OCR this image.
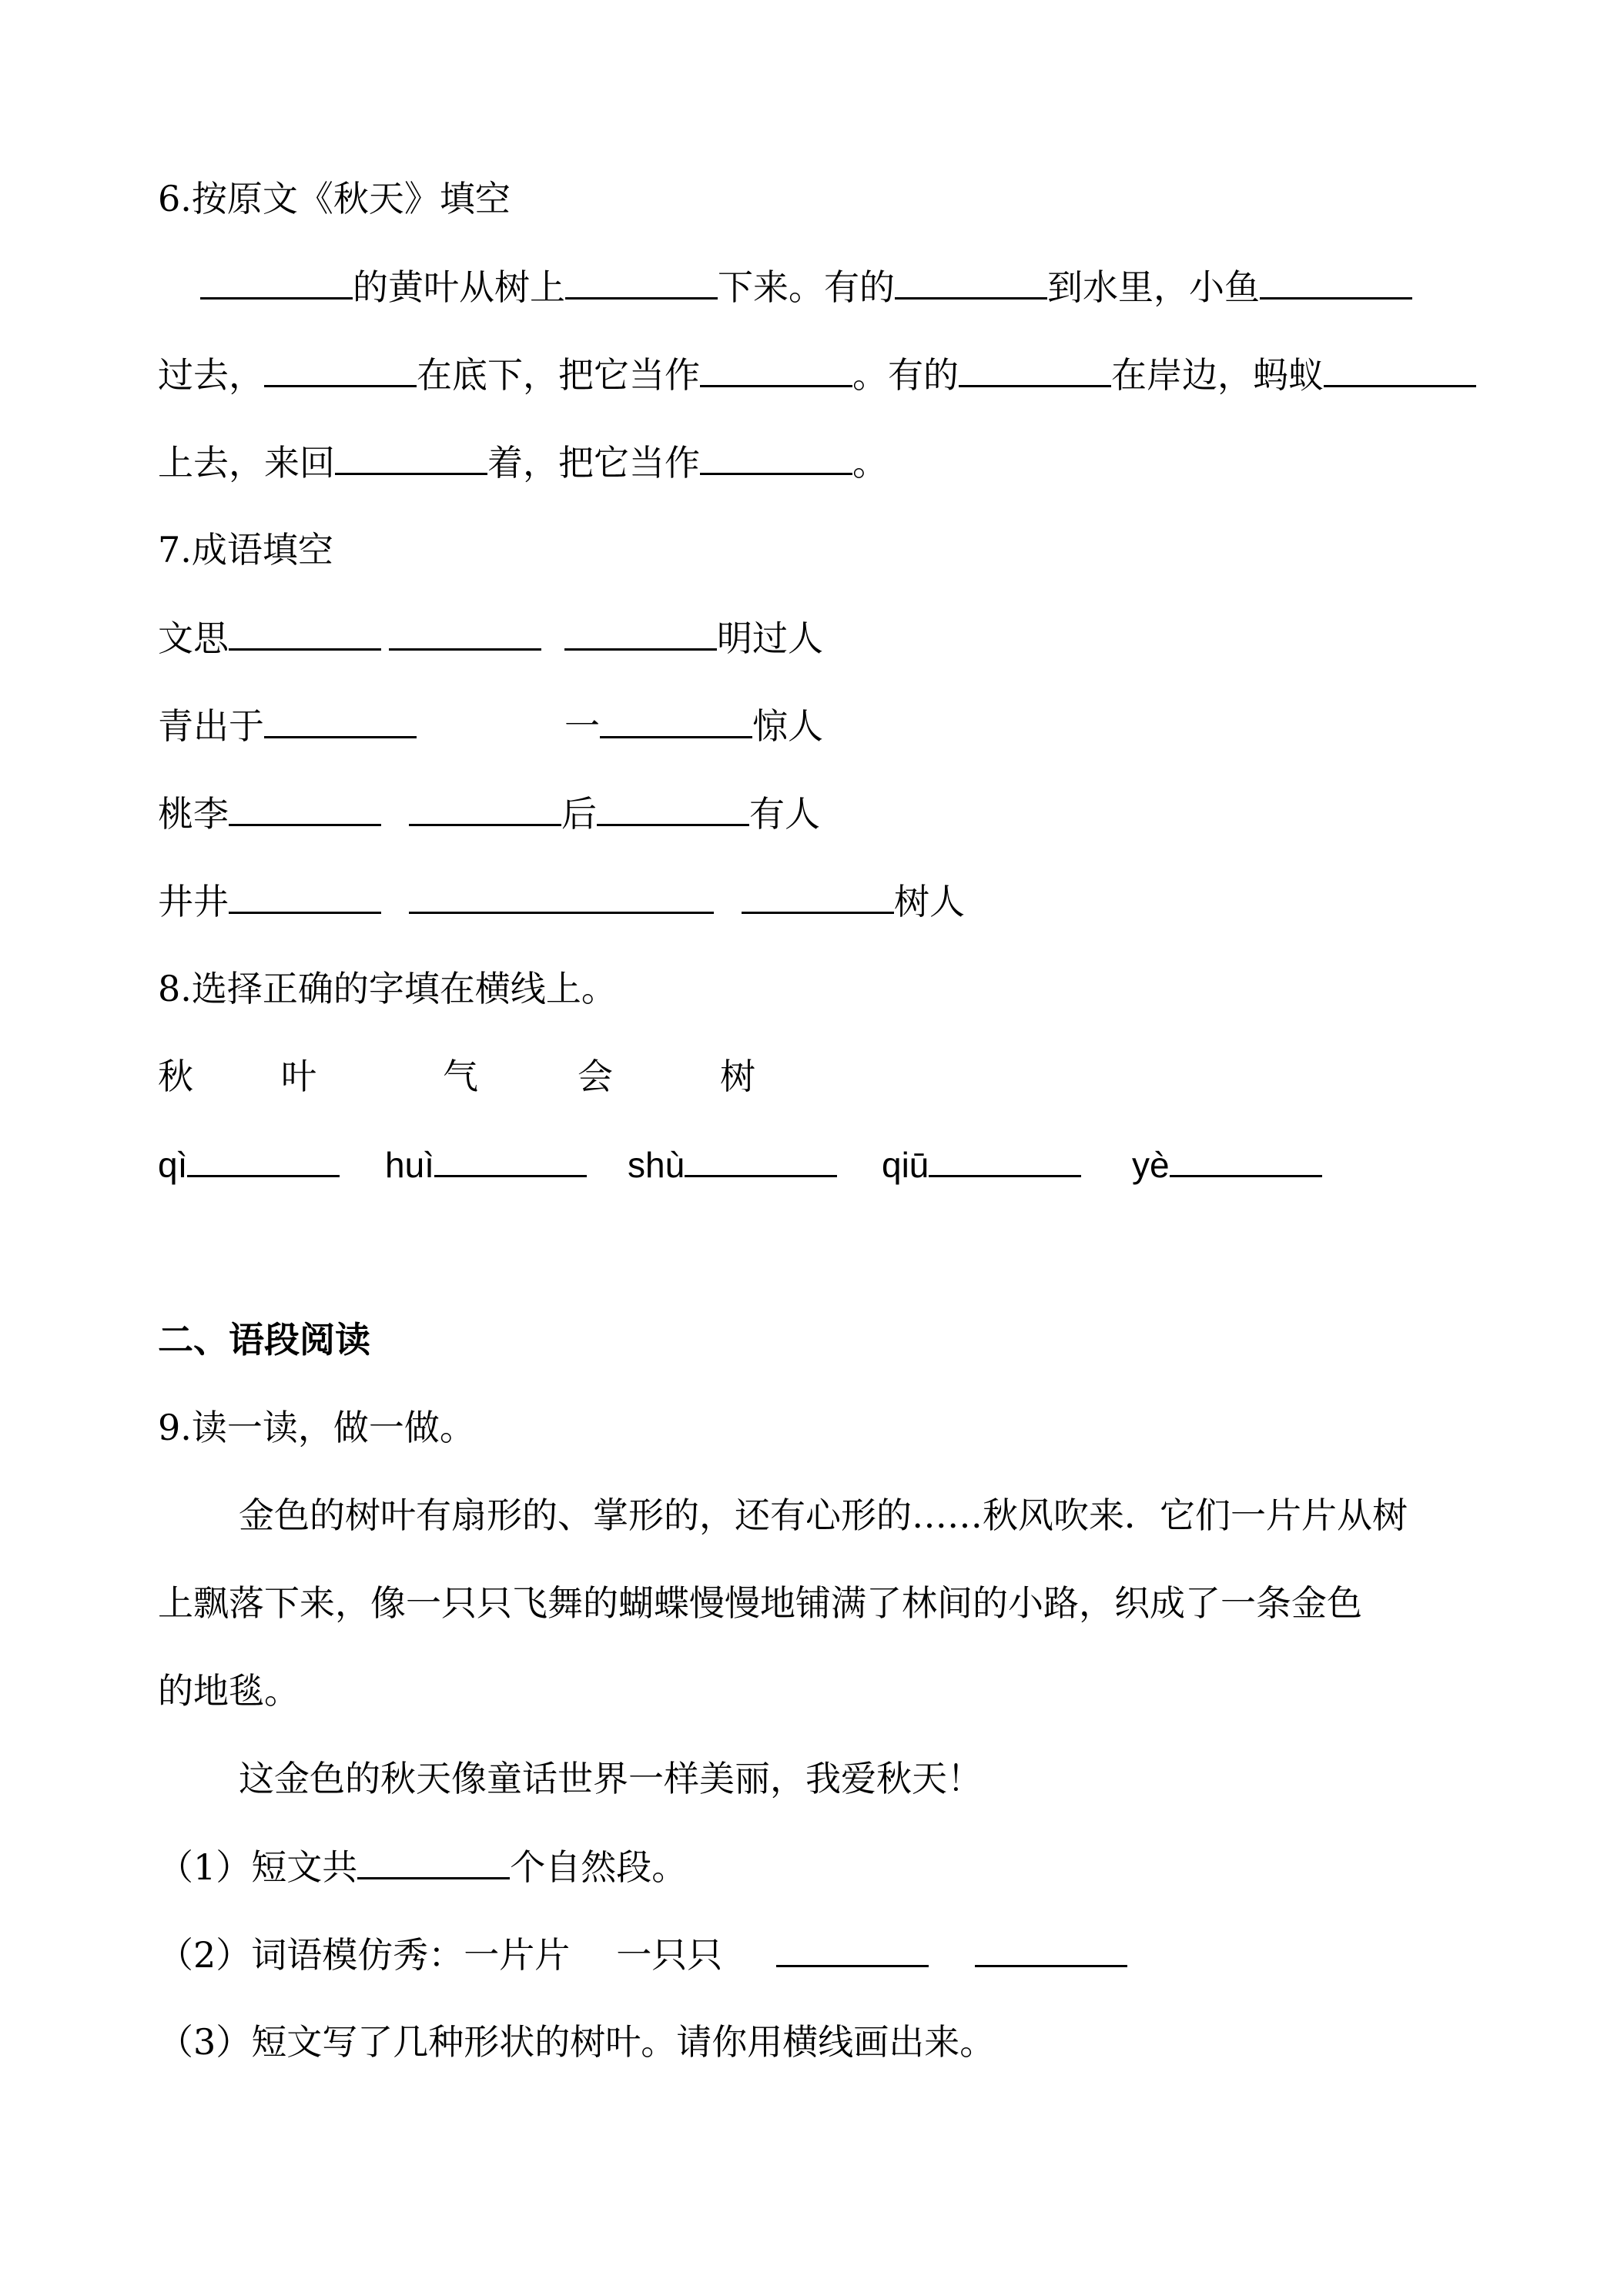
6.按原文《秋天》填空
的黄叶从树上	下来。有的	到水里，小鱼
过去，	在底下，把它当作	。有的	在岸边，蚂蚁
上去，来回	着，把它当作	。
7.成语填空
文思	明过人
青出于	一	惊人
桃李	后	有人
井井	树人
8.选择正确的字填在横线上。
秋 叶	气	会	树
qì	huì	shù	qiū	yè
二、语段阅读
9.读一读，做一做。
金色的树叶有扇形的、掌形的，还有心形的……秋风吹来．它们一片片从树
上飘落下来，像一只只飞舞的蝴蝶慢慢地铺满了林间的小路，织成了一条金色
的地毯。
这金色的秋天像童话世界一样美丽，我爱秋天！
（1）短文共	个自然段。
（2）词语模仿秀：一片片 一只只
（3）短文写了几种形状的树叶。请你用横线画出来。
